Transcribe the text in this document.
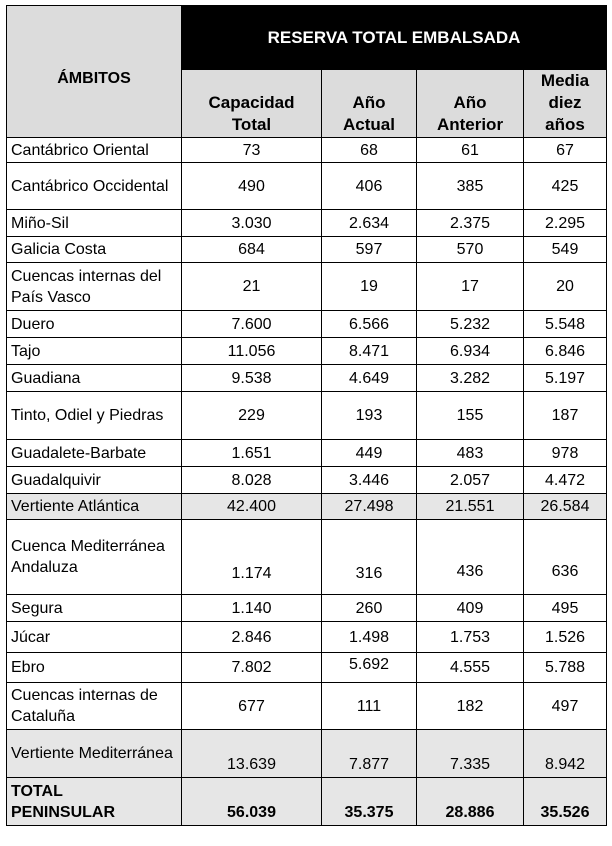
ÁMBITOS	RESERVA TOTAL EMBALSADA			
	Capacidad Total	Año Actual	Año Anterior	Media diez años
Cantábrico Oriental	73	68	61	67
Cantábrico Occidental	490	406	385	425
Miño-Sil	3.030	2.634	2.375	2.295
Galicia Costa	684	597	570	549
Cuencas internas del País Vasco	21	19	17	20
Duero	7.600	6.566	5.232	5.548
Tajo	11.056	8.471	6.934	6.846
Guadiana	9.538	4.649	3.282	5.197
Tinto, Odiel y Piedras	229	193	155	187
Guadalete-Barbate	1.651	449	483	978
Guadalquivir	8.028	3.446	2.057	4.472
Vertiente Atlántica	42.400	27.498	21.551	26.584
Cuenca Mediterránea Andaluza	1.174	316	436	636
Segura	1.140	260	409	495
Júcar	2.846	1.498	1.753	1.526
Ebro	7.802	5.692	4.555	5.788
Cuencas internas de Cataluña	677	111	182	497
Vertiente Mediterránea	13.639	7.877	7.335	8.942

TOTAL PENINSULAR	56.039	35.375	28.886	35.526
